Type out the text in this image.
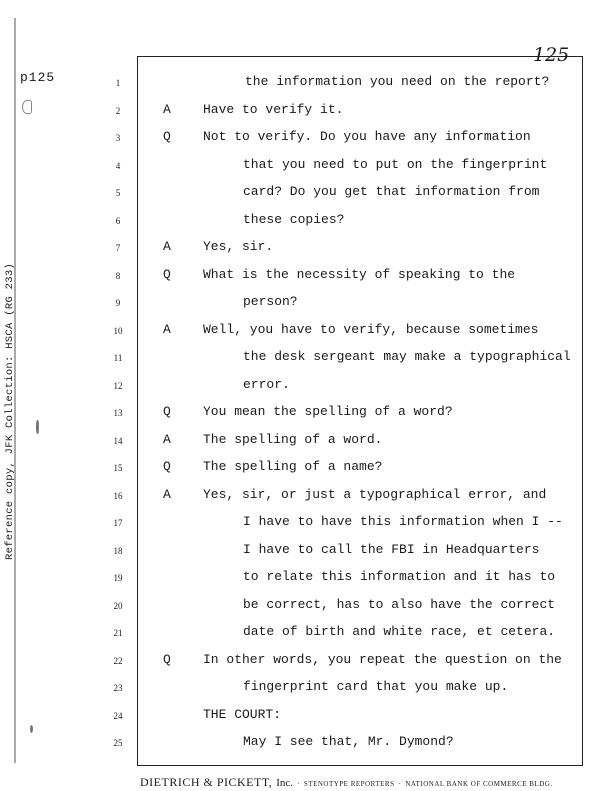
p125
125
Reference copy, JFK Collection: HSCA (RG 233)
1	the information you need on the report?
2	A Have to verify it.
3	Q Not to verify. Do you have any information
4	that you need to put on the fingerprint
5	card? Do you get that information from
6	these copies?
7	A Yes, sir.
8	Q What is the necessity of speaking to the
9	person?
10	A Well, you have to verify, because sometimes
11	the desk sergeant may make a typographical
12	error.
13	Q You mean the spelling of a word?
14	A The spelling of a word.
15	Q The spelling of a name?
16	A Yes, sir, or just a typographical error, and
17	I have to have this information when I --
18	I have to call the FBI in Headquarters
19	to relate this information and it has to
20	be correct, has to also have the correct
21	date of birth and white race, et cetera.
22	Q In other words, you repeat the question on the
23	fingerprint card that you make up.
24	THE COURT:
25	May I see that, Mr. Dymond?
DIETRICH & PICKETT, Inc. · STENOTYPE REPORTERS · NATIONAL BANK OF COMMERCE BLDG.
